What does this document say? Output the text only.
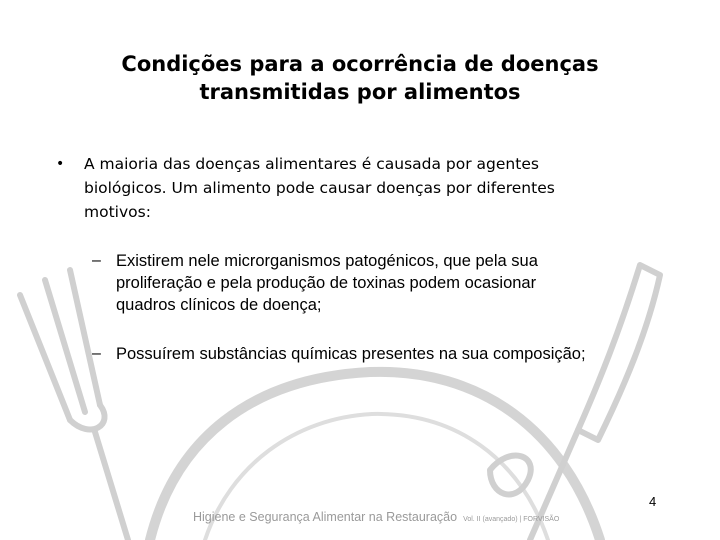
Condições para a ocorrência de doenças
transmitidas por alimentos
• A maioria das doenças alimentares é causada por agentes
biológicos. Um alimento pode causar doenças por diferentes
motivos:
– Existirem nele microrganismos patogénicos, que pela sua
proliferação e pela produção de toxinas podem ocasionar
quadros clínicos de doença;
– Possuírem substâncias químicas presentes na sua composição;
4
Higiene e Segurança Alimentar na Restauração Vol. II (avançado) | FORVISÃO
